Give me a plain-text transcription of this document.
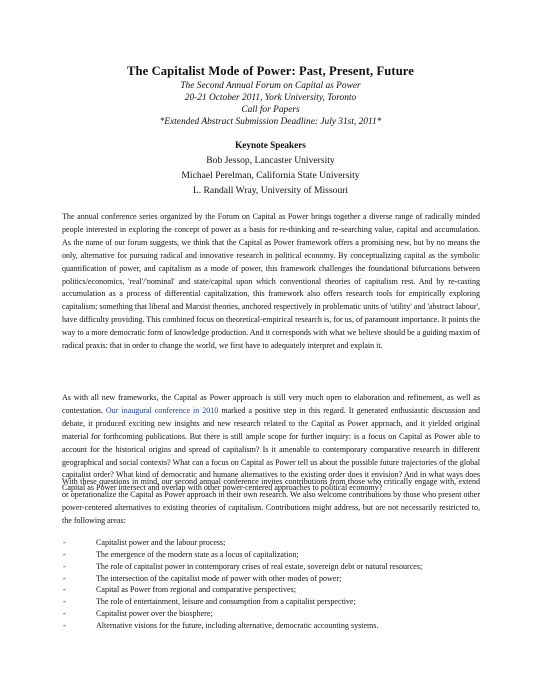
The Capitalist Mode of Power: Past, Present, Future
The Second Annual Forum on Capital as Power
20-21 October 2011, York University, Toronto
Call for Papers
*Extended Abstract Submission Deadline: July 31st, 2011*
Keynote Speakers
Bob Jessop, Lancaster University
Michael Perelman, California State University
L. Randall Wray, University of Missouri

The annual conference series organized by the Forum on Capital as Power brings together a diverse range of radically minded people interested in exploring the concept of power as a basis for re-thinking and re-searching value, capital and accumulation. As the name of our forum suggests, we think that the Capital as Power framework offers a promising new, but by no means the only, alternative for pursuing radical and innovative research in political economy. By conceptualizing capital as the symbolic quantification of power, and capitalism as a mode of power, this framework challenges the foundational bifurcations between politics/economics, 'real'/'nominal' and state/capital upon which conventional theories of capitalism rest. And by re-casting accumulation as a process of differential capitalization, this framework also offers research tools for empirically exploring capitalism; something that liberal and Marxist theories, anchored respectively in problematic units of 'utility' and 'abstract labour', have difficulty providing. This combined focus on theoretical-empirical research is, for us, of paramount importance. It points the way to a more democratic form of knowledge production. And it corresponds with what we believe should be a guiding maxim of radical praxis: that in order to change the world, we first have to adequately interpret and explain it.

As with all new frameworks, the Capital as Power approach is still very much open to elaboration and refinement, as well as contestation. Our inaugural conference in 2010 marked a positive step in this regard. It generated enthusiastic discussion and debate, it produced exciting new insights and new research related to the Capital as Power approach, and it yielded original material for forthcoming publications. But there is still ample scope for further inquiry: is a focus on Capital as Power able to account for the historical origins and spread of capitalism? Is it amenable to contemporary comparative research in different geographical and social contexts? What can a focus on Capital as Power tell us about the possible future trajectories of the global capitalist order? What kind of democratic and humane alternatives to the existing order does it envision? And in what ways does Capital as Power intersect and overlap with other power-centered approaches to political economy?

With these questions in mind, our second annual conference invites contributions from those who critically engage with, extend or operationalize the Capital as Power approach in their own research. We also welcome contributions by those who present other power-centered alternatives to existing theories of capitalism. Contributions might address, but are not necessarily restricted to, the following areas:

-	Capitalist power and the labour process;
-	The emergence of the modern state as a locus of capitalization;
-	The role of capitalist power in contemporary crises of real estate, sovereign debt or natural resources;
-	The intersection of the capitalist mode of power with other modes of power;
-	Capital as Power from regional and comparative perspectives;
-	The role of entertainment, leisure and consumption from a capitalist perspective;
-	Capitalist power over the biosphere;
-	Alternative visions for the future, including alternative, democratic accounting systems.
